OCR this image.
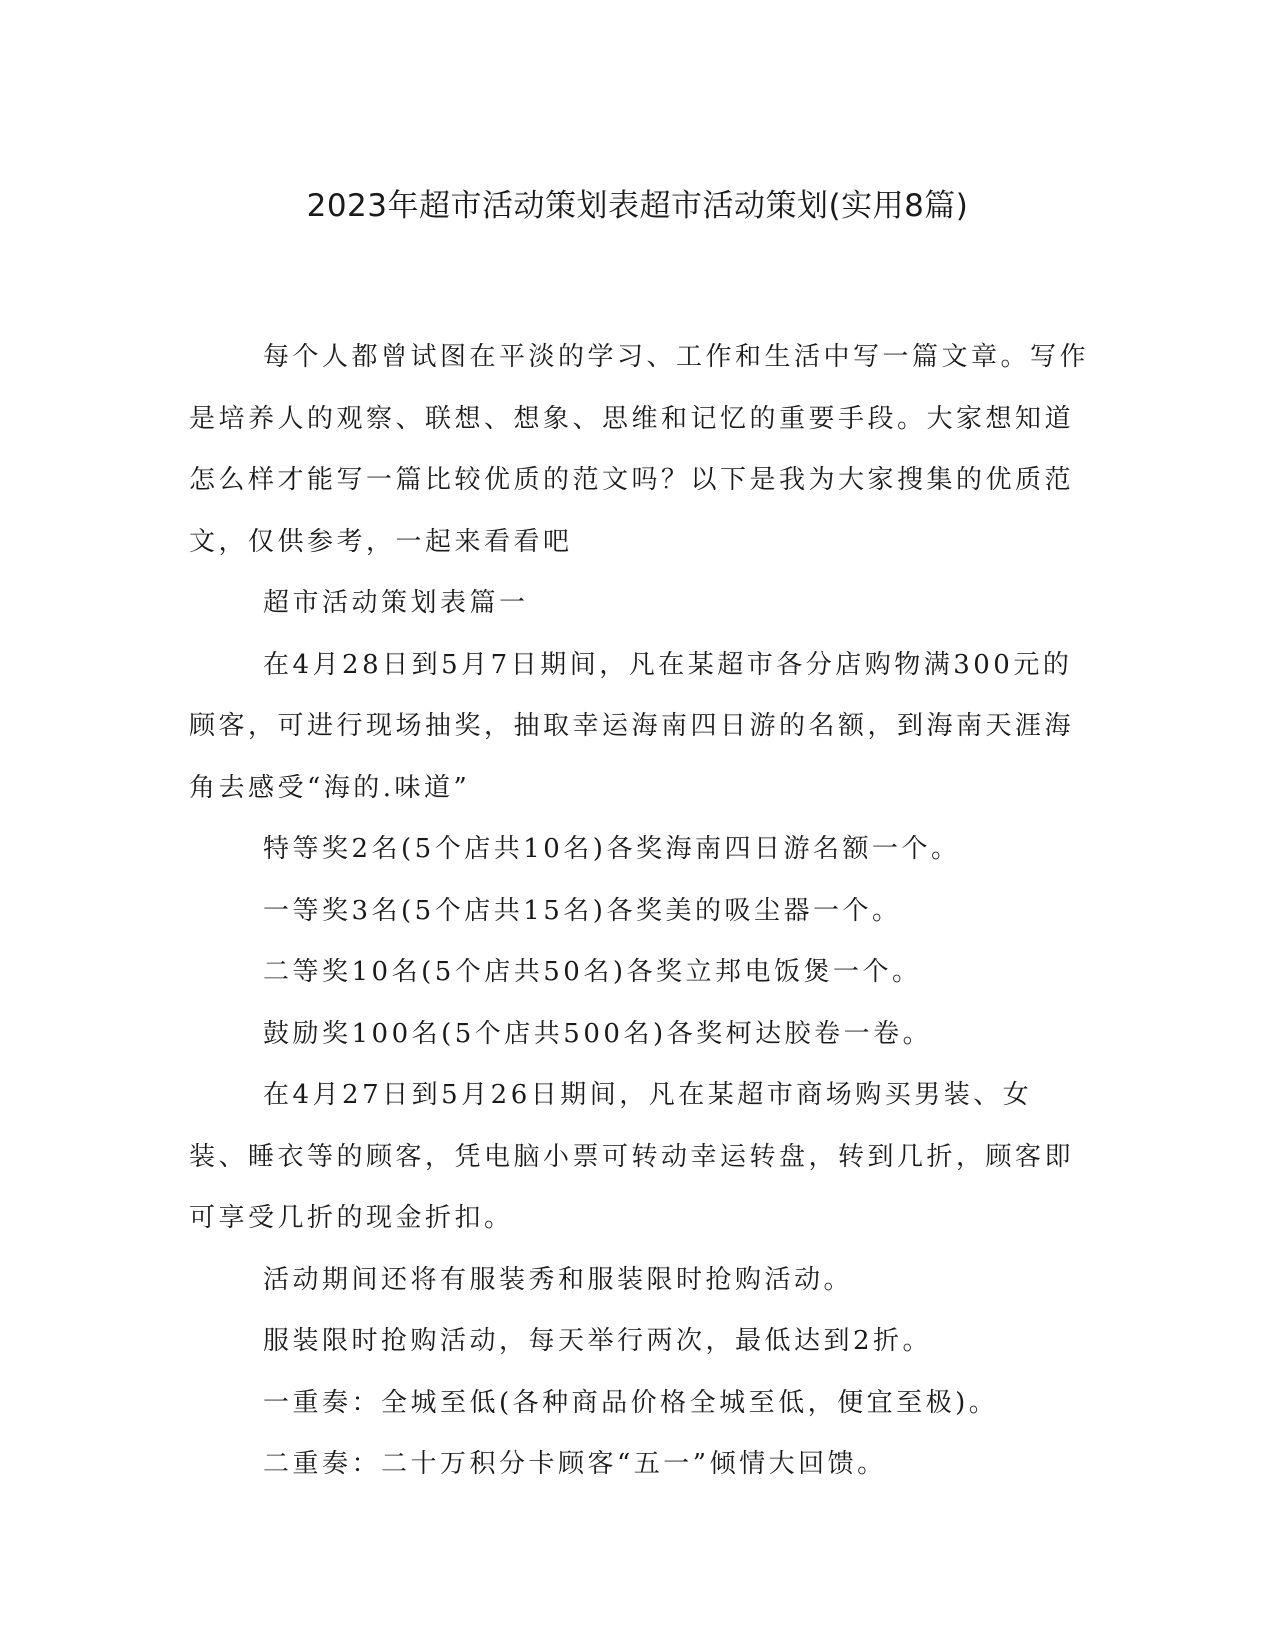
2023年超市活动策划表超市活动策划(实用8篇)

每个人都曾试图在平淡的学习、工作和生活中写一篇文章。写作是培养人的观察、联想、想象、思维和记忆的重要手段。大家想知道怎么样才能写一篇比较优质的范文吗？以下是我为大家搜集的优质范文，仅供参考，一起来看看吧

超市活动策划表篇一

在4月28日到5月7日期间，凡在某超市各分店购物满300元的顾客，可进行现场抽奖，抽取幸运海南四日游的名额，到海南天涯海角去感受“海的.味道”

特等奖2名(5个店共10名)各奖海南四日游名额一个。

一等奖3名(5个店共15名)各奖美的吸尘器一个。

二等奖10名(5个店共50名)各奖立邦电饭煲一个。

鼓励奖100名(5个店共500名)各奖柯达胶卷一卷。

在4月27日到5月26日期间，凡在某超市商场购买男装、女装、睡衣等的顾客，凭电脑小票可转动幸运转盘，转到几折，顾客即可享受几折的现金折扣。

活动期间还将有服装秀和服装限时抢购活动。

服装限时抢购活动，每天举行两次，最低达到2折。

一重奏：全城至低(各种商品价格全城至低，便宜至极)。

二重奏：二十万积分卡顾客“五一”倾情大回馈。
